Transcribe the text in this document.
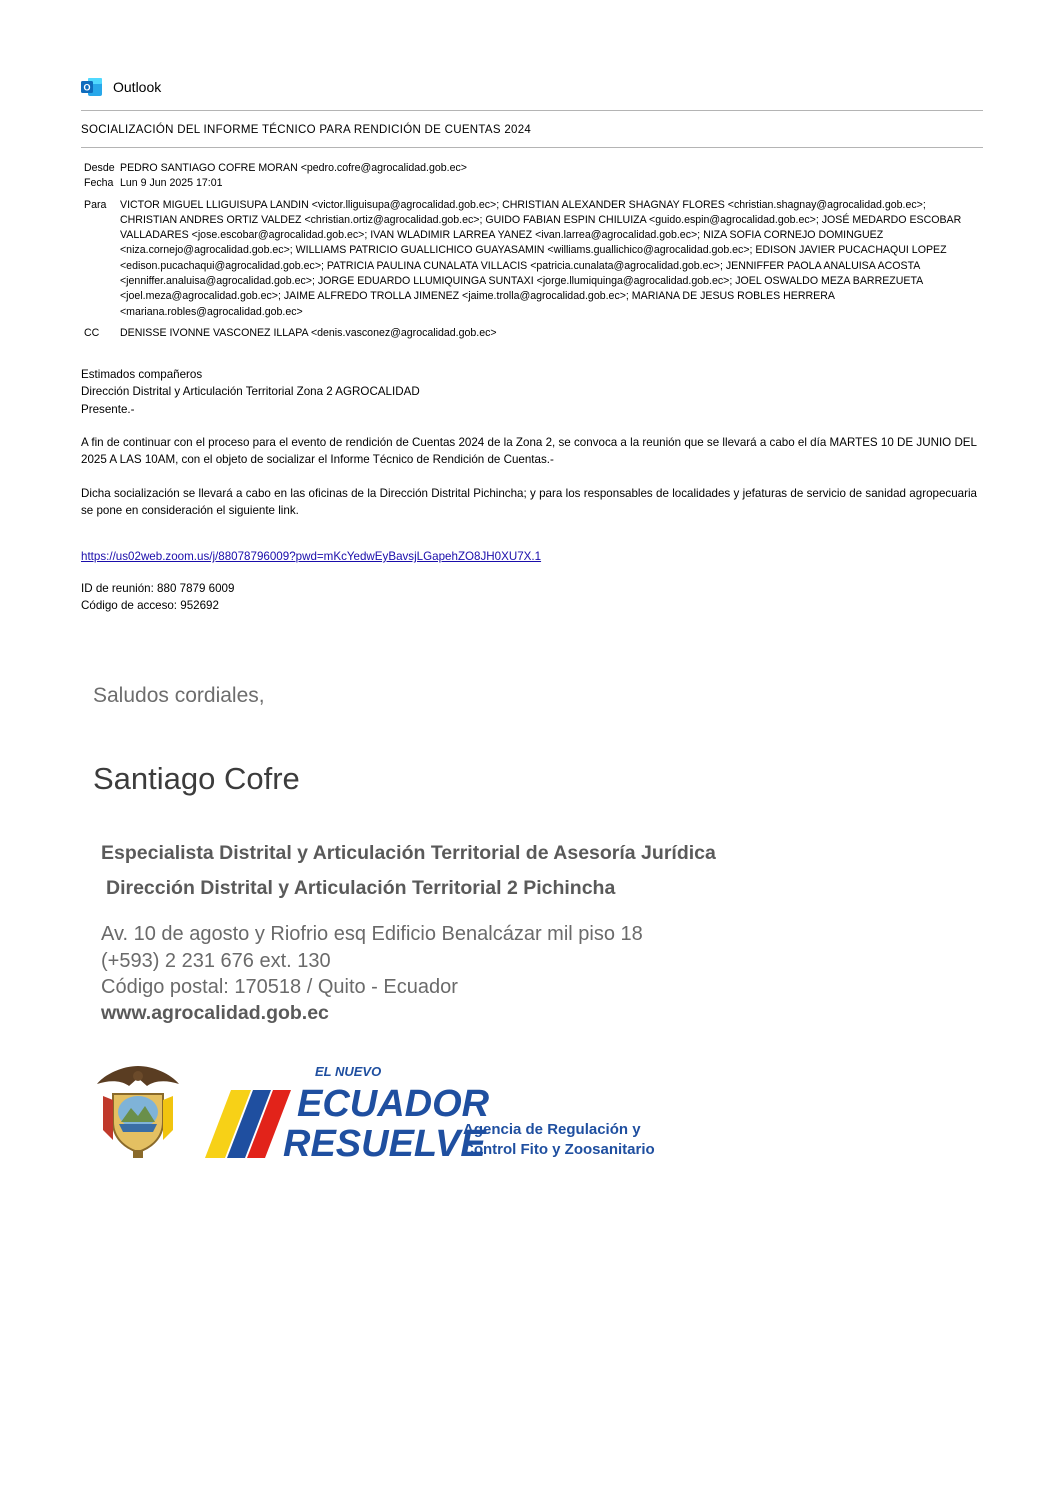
O Outlook
SOCIALIZACIÓN DEL INFORME TÉCNICO PARA RENDICIÓN DE CUENTAS 2024
Desde PEDRO SANTIAGO COFRE MORAN <pedro.cofre@agrocalidad.gob.ec>
Fecha Lun 9 Jun 2025 17:01
Para	VICTOR MIGUEL LLIGUISUPA LANDIN <victor.lliguisupa@agrocalidad.gob.ec>; CHRISTIAN ALEXANDER SHAGNAY FLORES <christian.shagnay@agrocalidad.gob.ec>; CHRISTIAN ANDRES ORTIZ VALDEZ <christian.ortiz@agrocalidad.gob.ec>; GUIDO FABIAN ESPIN CHILUIZA <guido.espin@agrocalidad.gob.ec>; JOSÉ MEDARDO ESCOBAR VALLADARES <jose.escobar@agrocalidad.gob.ec>; IVAN WLADIMIR LARREA YANEZ <ivan.larrea@agrocalidad.gob.ec>; NIZA SOFIA CORNEJO DOMINGUEZ <niza.cornejo@agrocalidad.gob.ec>; WILLIAMS PATRICIO GUALLICHICO GUAYASAMIN <williams.guallichico@agrocalidad.gob.ec>; EDISON JAVIER PUCACHAQUI LOPEZ <edison.pucachaqui@agrocalidad.gob.ec>; PATRICIA PAULINA CUNALATA VILLACIS <patricia.cunalata@agrocalidad.gob.ec>; JENNIFFER PAOLA ANALUISA ACOSTA <jenniffer.analuisa@agrocalidad.gob.ec>; JORGE EDUARDO LLUMIQUINGA SUNTAXI <jorge.llumiquinga@agrocalidad.gob.ec>; JOEL OSWALDO MEZA BARREZUETA <joel.meza@agrocalidad.gob.ec>; JAIME ALFREDO TROLLA JIMENEZ <jaime.trolla@agrocalidad.gob.ec>; MARIANA DE JESUS ROBLES HERRERA <mariana.robles@agrocalidad.gob.ec>
CC	DENISSE IVONNE VASCONEZ ILLAPA <denis.vasconez@agrocalidad.gob.ec>
Estimados compañeros
Dirección Distrital y Articulación Territorial Zona 2 AGROCALIDAD
Presente.-
A fin de continuar con el proceso para el evento de rendición de Cuentas 2024 de la Zona 2, se convoca a la reunión que se llevará a cabo el día MARTES 10 DE JUNIO DEL 2025 A LAS 10AM, con el objeto de socializar el Informe Técnico de Rendición de Cuentas.-
Dicha socialización se llevará a cabo en las oficinas de la Dirección Distrital Pichincha; y para los responsables de localidades y jefaturas de servicio de sanidad agropecuaria se pone en consideración el siguiente link.
https://us02web.zoom.us/j/88078796009?pwd=mKcYedwEyBavsjLGapehZO8JH0XU7X.1
ID de reunión: 880 7879 6009
Código de acceso: 952692
Saludos cordiales,
Santiago Cofre
Especialista Distrital y Articulación Territorial de Asesoría Jurídica
Dirección Distrital y Articulación Territorial 2 Pichincha
Av. 10 de agosto y Riofrio esq Edificio Benalcázar mil piso 18
(+593) 2 231 676 ext. 130
Código postal: 170518 / Quito - Ecuador
www.agrocalidad.gob.ec
EL NUEVO
ECUADOR
RESUELVE
Agencia de Regulación y
Control Fito y Zoosanitario
